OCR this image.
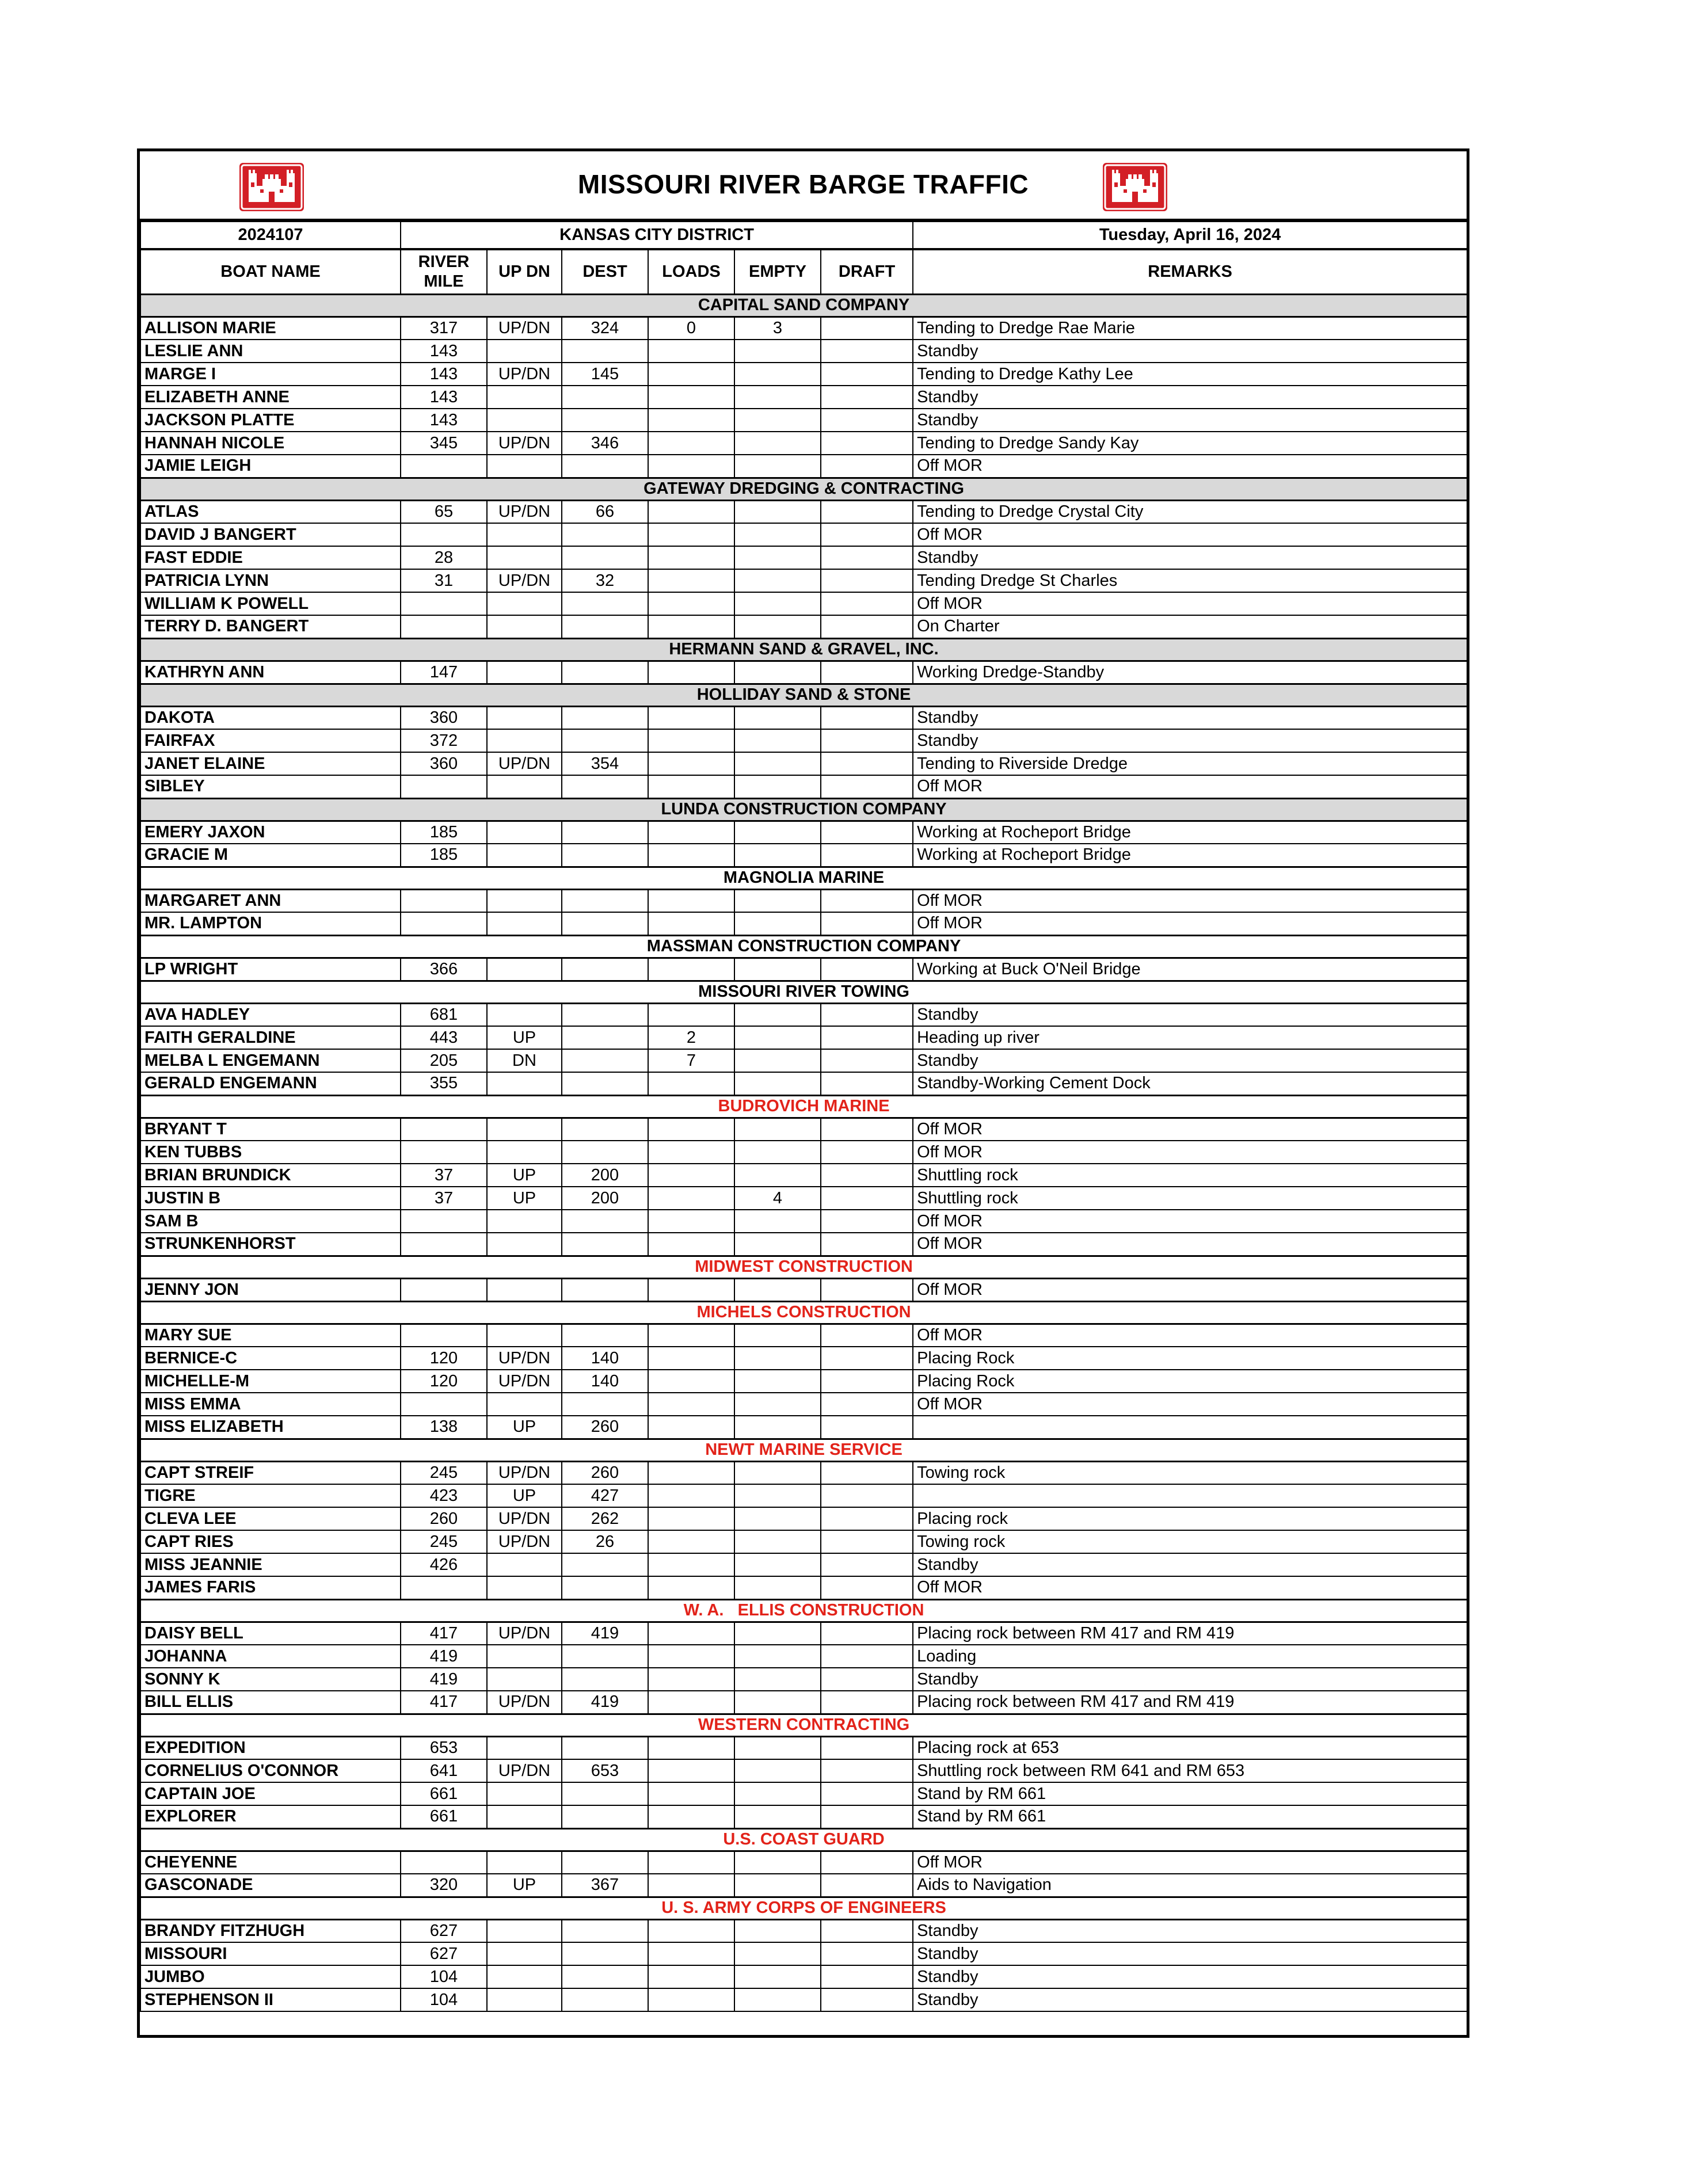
MISSOURI RIVER BARGE TRAFFIC
2024107	KANSAS CITY DISTRICT						Tuesday, April 16, 2024
BOAT NAME	RIVER MILE	UP DN	DEST	LOADS	EMPTY	DRAFT	REMARKS
CAPITAL SAND COMPANY							
ALLISON MARIE	317	UP/DN	324	0	3		Tending to Dredge Rae Marie
LESLIE ANN	143						Standby
MARGE I	143	UP/DN	145				Tending to Dredge Kathy Lee
ELIZABETH ANNE	143						Standby
JACKSON PLATTE	143						Standby
HANNAH NICOLE	345	UP/DN	346				Tending to Dredge Sandy Kay
JAMIE LEIGH							Off MOR
GATEWAY DREDGING & CONTRACTING							
ATLAS	65	UP/DN	66				Tending to Dredge Crystal City
DAVID J BANGERT							Off MOR
FAST EDDIE	28						Standby
PATRICIA LYNN	31	UP/DN	32				Tending Dredge St Charles
WILLIAM K POWELL							Off MOR
TERRY D. BANGERT							On Charter
HERMANN SAND & GRAVEL, INC.							
KATHRYN ANN	147						Working Dredge-Standby
HOLLIDAY SAND & STONE							
DAKOTA	360						Standby
FAIRFAX	372						Standby
JANET ELAINE	360	UP/DN	354				Tending to Riverside Dredge
SIBLEY							Off MOR
LUNDA CONSTRUCTION COMPANY							
EMERY JAXON	185						Working at Rocheport Bridge
GRACIE M	185						Working at Rocheport Bridge
MAGNOLIA MARINE							
MARGARET ANN							Off MOR
MR. LAMPTON							Off MOR
MASSMAN CONSTRUCTION COMPANY							
LP WRIGHT	366						Working at Buck O'Neil Bridge
MISSOURI RIVER TOWING							
AVA HADLEY	681						Standby
FAITH GERALDINE	443	UP		2			Heading up river
MELBA L ENGEMANN	205	DN		7			Standby
GERALD ENGEMANN	355						Standby-Working Cement Dock
BUDROVICH MARINE							
BRYANT T							Off MOR
KEN TUBBS							Off MOR
BRIAN BRUNDICK	37	UP	200				Shuttling rock
JUSTIN B	37	UP	200		4		Shuttling rock
SAM B							Off MOR
STRUNKENHORST							Off MOR
MIDWEST CONSTRUCTION							
JENNY JON							Off MOR
MICHELS CONSTRUCTION							
MARY SUE							Off MOR
BERNICE-C	120	UP/DN	140				Placing Rock
MICHELLE-M	120	UP/DN	140				Placing Rock
MISS EMMA							Off MOR
MISS ELIZABETH	138	UP	260				
NEWT MARINE SERVICE							
CAPT STREIF	245	UP/DN	260				Towing rock
TIGRE	423	UP	427				
CLEVA LEE	260	UP/DN	262				Placing rock
CAPT RIES	245	UP/DN	26				Towing rock
MISS JEANNIE	426						Standby
JAMES FARIS							Off MOR
W. A.   ELLIS CONSTRUCTION							
DAISY BELL	417	UP/DN	419				Placing rock between RM 417 and RM 419
JOHANNA	419						Loading
SONNY K	419						Standby
BILL ELLIS	417	UP/DN	419				Placing rock between RM 417 and RM 419
WESTERN CONTRACTING							
EXPEDITION	653						Placing rock at 653
CORNELIUS O'CONNOR	641	UP/DN	653				Shuttling rock between RM 641 and RM 653
CAPTAIN JOE	661						Stand by RM 661
EXPLORER	661						Stand by RM 661
U.S. COAST GUARD							
CHEYENNE							Off MOR
GASCONADE	320	UP	367				Aids to Navigation
U. S. ARMY CORPS OF ENGINEERS							
BRANDY FITZHUGH	627						Standby
MISSOURI	627						Standby
JUMBO	104						Standby
STEPHENSON II	104						Standby
